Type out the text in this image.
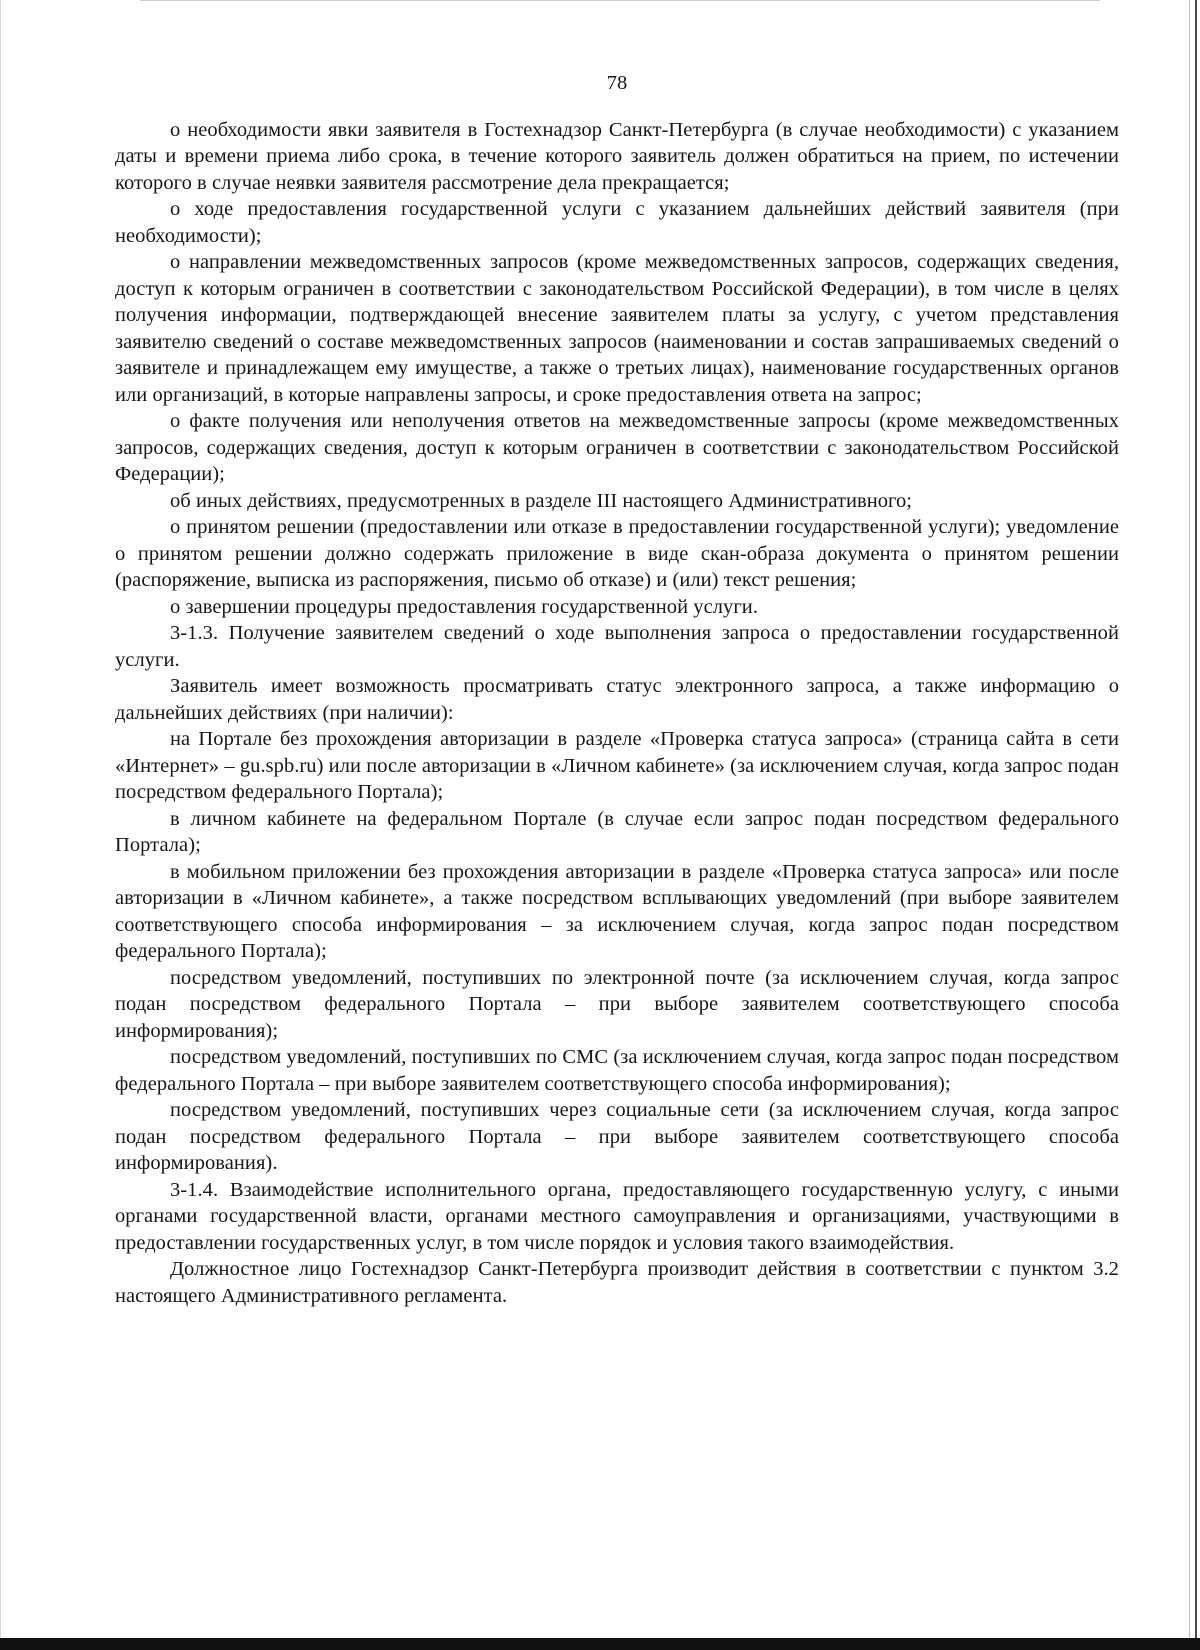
78

о необходимости явки заявителя в Гостехнадзор Санкт-Петербурга (в случае необходимости) с указанием даты и времени приема либо срока, в течение которого заявитель должен обратиться на прием, по истечении которого в случае неявки заявителя рассмотрение дела прекращается;

о ходе предоставления государственной услуги с указанием дальнейших действий заявителя (при необходимости);

о направлении межведомственных запросов (кроме межведомственных запросов, содержащих сведения, доступ к которым ограничен в соответствии с законодательством Российской Федерации), в том числе в целях получения информации, подтверждающей внесение заявителем платы за услугу, с учетом представления заявителю сведений о составе межведомственных запросов (наименовании и состав запрашиваемых сведений о заявителе и принадлежащем ему имуществе, а также о третьих лицах), наименование государственных органов или организаций, в которые направлены запросы, и сроке предоставления ответа на запрос;

о факте получения или неполучения ответов на межведомственные запросы (кроме межведомственных запросов, содержащих сведения, доступ к которым ограничен в соответствии с законодательством Российской Федерации);

об иных действиях, предусмотренных в разделе III настоящего Административного;

о принятом решении (предоставлении или отказе в предоставлении государственной услуги); уведомление о принятом решении должно содержать приложение в виде скан-образа документа о принятом решении (распоряжение, выписка из распоряжения, письмо об отказе) и (или) текст решения;

о завершении процедуры предоставления государственной услуги.

3-1.3. Получение заявителем сведений о ходе выполнения запроса о предоставлении государственной услуги.

Заявитель имеет возможность просматривать статус электронного запроса, а также информацию о дальнейших действиях (при наличии):

на Портале без прохождения авторизации в разделе «Проверка статуса запроса» (страница сайта в сети «Интернет» – gu.spb.ru) или после авторизации в «Личном кабинете» (за исключением случая, когда запрос подан посредством федерального Портала);

в личном кабинете на федеральном Портале (в случае если запрос подан посредством федерального Портала);

в мобильном приложении без прохождения авторизации в разделе «Проверка статуса запроса» или после авторизации в «Личном кабинете», а также посредством всплывающих уведомлений (при выборе заявителем соответствующего способа информирования – за исключением случая, когда запрос подан посредством федерального Портала);

посредством уведомлений, поступивших по электронной почте (за исключением случая, когда запрос подан посредством федерального Портала – при выборе заявителем соответствующего способа информирования);

посредством уведомлений, поступивших по СМС (за исключением случая, когда запрос подан посредством федерального Портала – при выборе заявителем соответствующего способа информирования);

посредством уведомлений, поступивших через социальные сети (за исключением случая, когда запрос подан посредством федерального Портала – при выборе заявителем соответствующего способа информирования).

3-1.4. Взаимодействие исполнительного органа, предоставляющего государственную услугу, с иными органами государственной власти, органами местного самоуправления и организациями, участвующими в предоставлении государственных услуг, в том числе порядок и условия такого взаимодействия.

Должностное лицо Гостехнадзор Санкт-Петербурга производит действия в соответствии с пунктом 3.2 настоящего Административного регламента.
